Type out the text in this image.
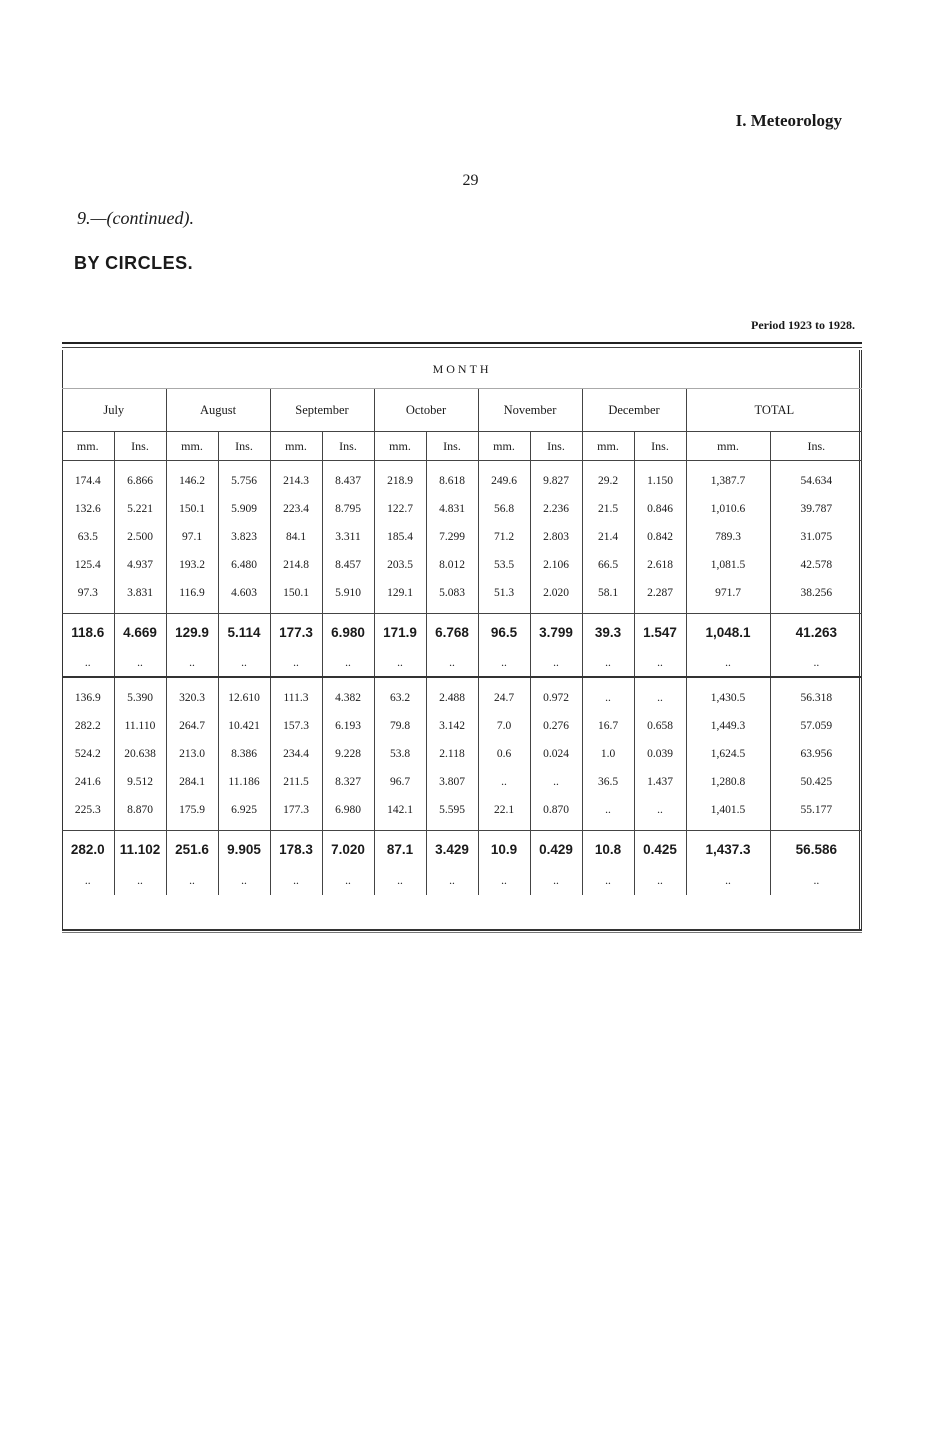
I. Meteorology
29
9.—(continued).
BY CIRCLES.
Period 1923 to 1928.
MONTH													
July		August		September		October		November		December		TOTAL	
mm.	Ins.	mm.	Ins.	mm.	Ins.	mm.	Ins.	mm.	Ins.	mm.	Ins.	mm.	Ins.

174.4	6.866	146.2	5.756	214.3	8.437	218.9	8.618	249.6	9.827	29.2	1.150	1,387.7	54.634
132.6	5.221	150.1	5.909	223.4	8.795	122.7	4.831	56.8	2.236	21.5	0.846	1,010.6	39.787
63.5	2.500	97.1	3.823	84.1	3.311	185.4	7.299	71.2	2.803	21.4	0.842	789.3	31.075
125.4	4.937	193.2	6.480	214.8	8.457	203.5	8.012	53.5	2.106	66.5	2.618	1,081.5	42.578
97.3	3.831	116.9	4.603	150.1	5.910	129.1	5.083	51.3	2.020	58.1	2.287	971.7	38.256

118.6	4.669	129.9	5.114	177.3	6.980	171.9	6.768	96.5	3.799	39.3	1.547	1,048.1	41.263
..	..	..	..	..	..	..	..	..	..	..	..	..	..

136.9	5.390	320.3	12.610	111.3	4.382	63.2	2.488	24.7	0.972	..	..	1,430.5	56.318
282.2	11.110	264.7	10.421	157.3	6.193	79.8	3.142	7.0	0.276	16.7	0.658	1,449.3	57.059
524.2	20.638	213.0	8.386	234.4	9.228	53.8	2.118	0.6	0.024	1.0	0.039	1,624.5	63.956
241.6	9.512	284.1	11.186	211.5	8.327	96.7	3.807	..	..	36.5	1.437	1,280.8	50.425
225.3	8.870	175.9	6.925	177.3	6.980	142.1	5.595	22.1	0.870	..	..	1,401.5	55.177

282.0	11.102	251.6	9.905	178.3	7.020	87.1	3.429	10.9	0.429	10.8	0.425	1,437.3	56.586
..	..	..	..	..	..	..	..	..	..	..	..	..	..
